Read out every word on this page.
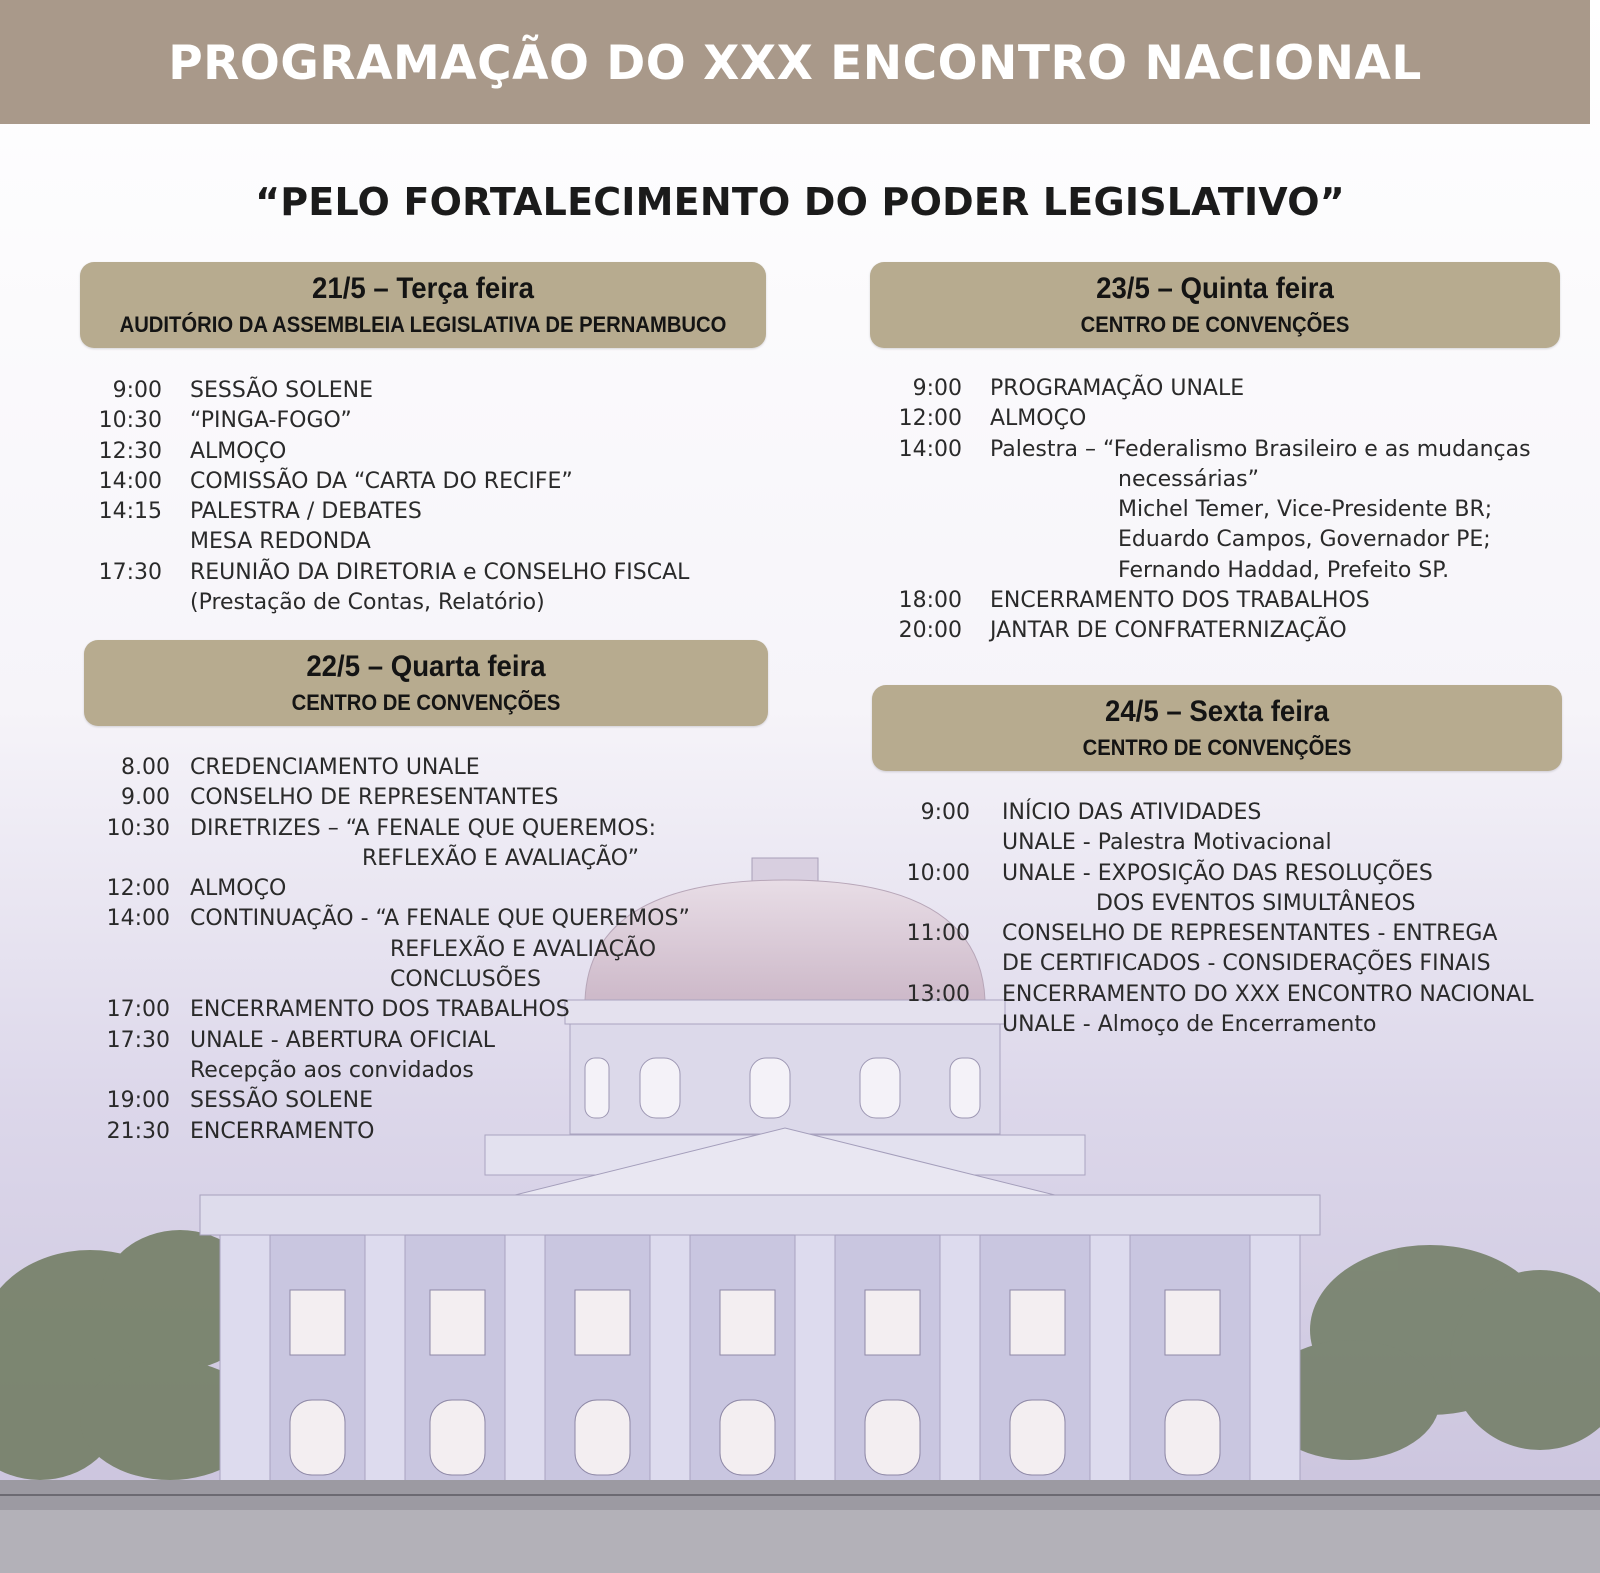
PROGRAMAÇÃO DO XXX ENCONTRO NACIONAL
“PELO FORTALECIMENTO DO PODER LEGISLATIVO”
21/5 – Terça feira
AUDITÓRIO DA ASSEMBLEIA LEGISLATIVA DE PERNAMBUCO
9:00 SESSÃO SOLENE
10:30 “PINGA-FOGO”
12:30 ALMOÇO
14:00 COMISSÃO DA “CARTA DO RECIFE”
14:15 PALESTRA / DEBATES
MESA REDONDA
17:30 REUNIÃO DA DIRETORIA e CONSELHO FISCAL
(Prestação de Contas, Relatório)
22/5 – Quarta feira
CENTRO DE CONVENÇÕES
8.00 CREDENCIAMENTO UNALE
9.00 CONSELHO DE REPRESENTANTES
10:30 DIRETRIZES – “A FENALE QUE QUEREMOS:
REFLEXÃO E AVALIAÇÃO”
12:00 ALMOÇO
14:00 CONTINUAÇÃO - “A FENALE QUE QUEREMOS”
REFLEXÃO E AVALIAÇÃO
CONCLUSÕES
17:00 ENCERRAMENTO DOS TRABALHOS
17:30 UNALE - ABERTURA OFICIAL
Recepção aos convidados
19:00 SESSÃO SOLENE
21:30 ENCERRAMENTO
23/5 – Quinta feira
CENTRO DE CONVENÇÕES
9:00 PROGRAMAÇÃO UNALE
12:00 ALMOÇO
14:00 Palestra – “Federalismo Brasileiro e as mudanças
necessárias”
Michel Temer, Vice-Presidente BR;
Eduardo Campos, Governador PE;
Fernando Haddad, Prefeito SP.
18:00 ENCERRAMENTO DOS TRABALHOS
20:00 JANTAR DE CONFRATERNIZAÇÃO
24/5 – Sexta feira
CENTRO DE CONVENÇÕES
9:00 INÍCIO DAS ATIVIDADES
UNALE - Palestra Motivacional
10:00 UNALE - EXPOSIÇÃO DAS RESOLUÇÕES
DOS EVENTOS SIMULTÂNEOS
11:00 CONSELHO DE REPRESENTANTES - ENTREGA
DE CERTIFICADOS - CONSIDERAÇÕES FINAIS
13:00 ENCERRAMENTO DO XXX ENCONTRO NACIONAL
UNALE - Almoço de Encerramento
